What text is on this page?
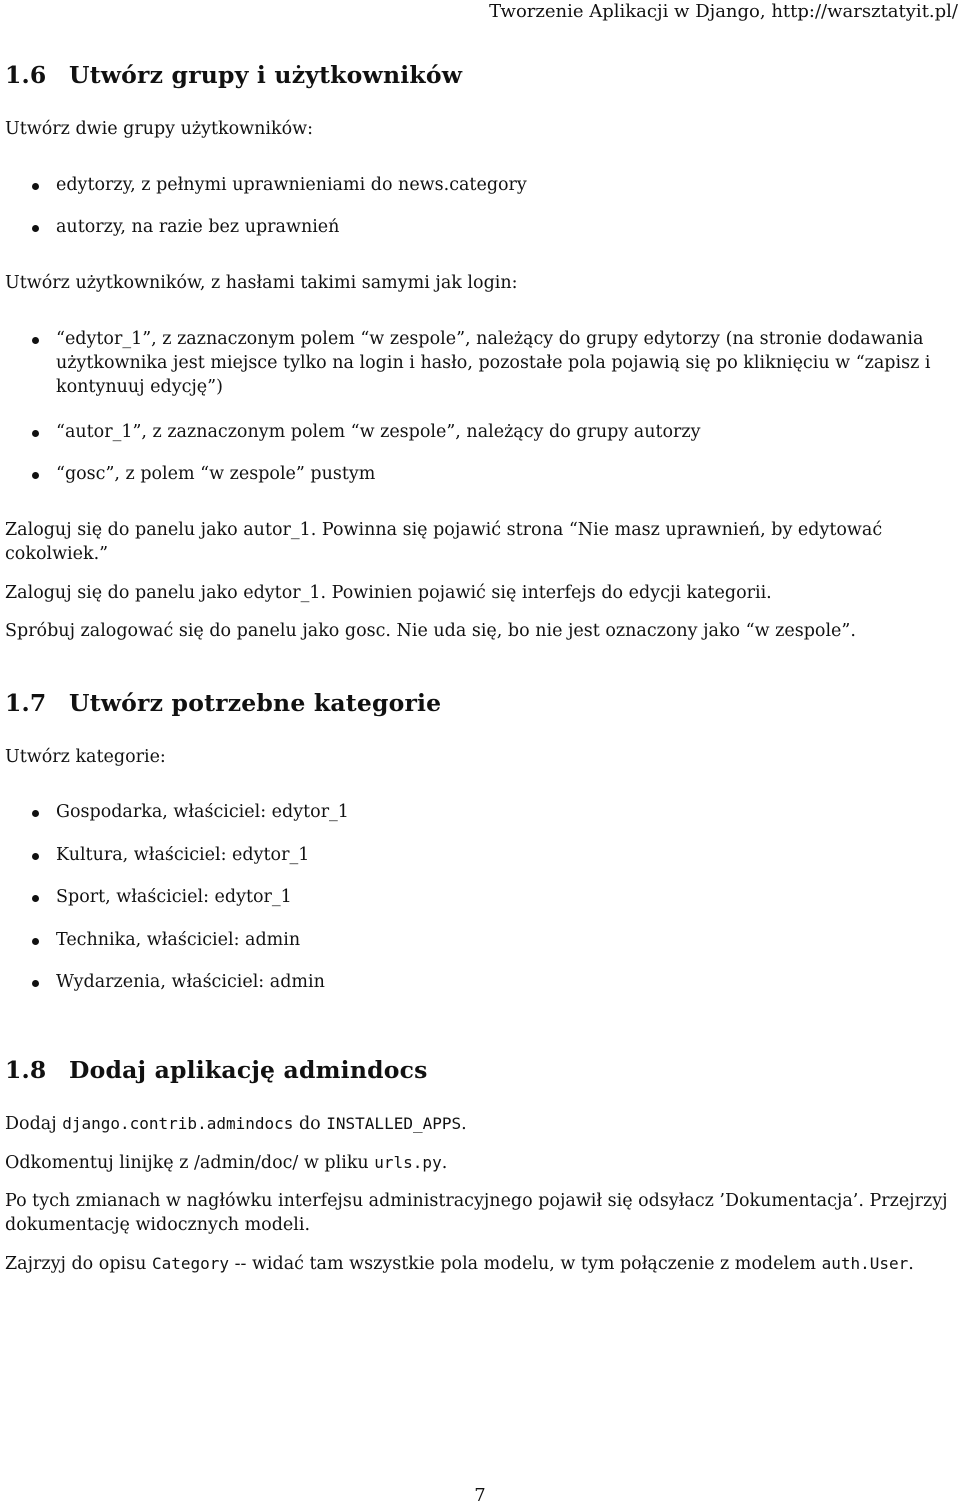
Tworzenie Aplikacji w Django, http://warsztatyit.pl/
1.6 Utwórz grupy i użytkowników

Utwórz dwie grupy użytkowników:

edytorzy, z pełnymi uprawnieniami do news.category
autorzy, na razie bez uprawnień

Utwórz użytkowników, z hasłami takimi samymi jak login:

“edytor_1”, z zaznaczonym polem “w zespole”, należący do grupy edytorzy (na stronie dodawania użytkownika jest miejsce tylko na login i hasło, pozostałe pola pojawią się po kliknięciu w “zapisz i kontynuuj edycję”)
“autor_1”, z zaznaczonym polem “w zespole”, należący do grupy autorzy
“gosc”, z polem “w zespole” pustym

Zaloguj się do panelu jako autor_1. Powinna się pojawić strona “Nie masz uprawnień, by edytować cokolwiek.”

Zaloguj się do panelu jako edytor_1. Powinien pojawić się interfejs do edycji kategorii.

Spróbuj zalogować się do panelu jako gosc. Nie uda się, bo nie jest oznaczony jako “w zespole”.

1.7 Utwórz potrzebne kategorie

Utwórz kategorie:

Gospodarka, właściciel: edytor_1
Kultura, właściciel: edytor_1
Sport, właściciel: edytor_1
Technika, właściciel: admin
Wydarzenia, właściciel: admin
1.8 Dodaj aplikację admindocs

Dodaj django.contrib.admindocs do INSTALLED_APPS.

Odkomentuj linijkę z /admin/doc/ w pliku urls.py.

Po tych zmianach w nagłówku interfejsu administracyjnego pojawił się odsyłacz ’Dokumentacja’. Przejrzyj dokumentację widocznych modeli.

Zajrzyj do opisu Category -- widać tam wszystkie pola modelu, w tym połączenie z modelem auth.User.

7
